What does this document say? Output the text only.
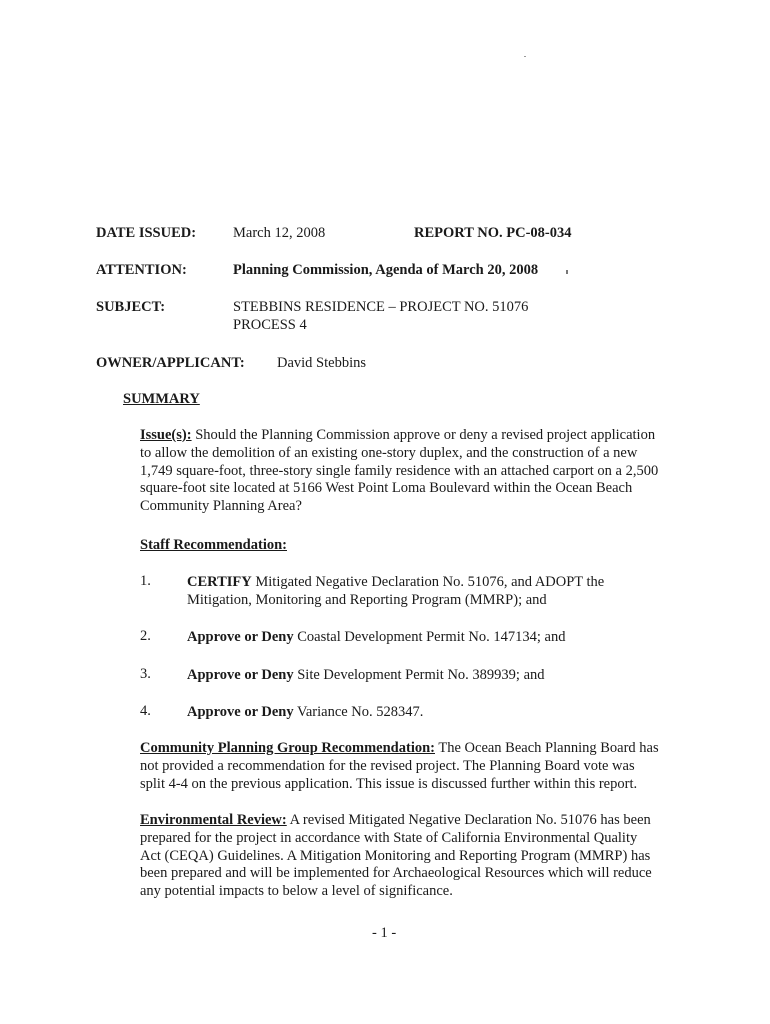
DATE ISSUED:	March 12, 2008	REPORT NO. PC-08-034
ATTENTION:	Planning Commission, Agenda of March 20, 2008
SUBJECT:	STEBBINS RESIDENCE – PROJECT NO. 51076
PROCESS 4
OWNER/APPLICANT: David Stebbins
SUMMARY
Issue(s): Should the Planning Commission approve or deny a revised project application to allow the demolition of an existing one-story duplex, and the construction of a new 1,749 square-foot, three-story single family residence with an attached carport on a 2,500 square-foot site located at 5166 West Point Loma Boulevard within the Ocean Beach Community Planning Area?
Staff Recommendation:
1. CERTIFY Mitigated Negative Declaration No. 51076, and ADOPT the Mitigation, Monitoring and Reporting Program (MMRP); and
2. Approve or Deny Coastal Development Permit No. 147134; and
3. Approve or Deny Site Development Permit No. 389939; and
4. Approve or Deny Variance No. 528347.
Community Planning Group Recommendation: The Ocean Beach Planning Board has not provided a recommendation for the revised project. The Planning Board vote was split 4-4 on the previous application. This issue is discussed further within this report.
Environmental Review: A revised Mitigated Negative Declaration No. 51076 has been prepared for the project in accordance with State of California Environmental Quality Act (CEQA) Guidelines. A Mitigation Monitoring and Reporting Program (MMRP) has been prepared and will be implemented for Archaeological Resources which will reduce any potential impacts to below a level of significance.
- 1 -
